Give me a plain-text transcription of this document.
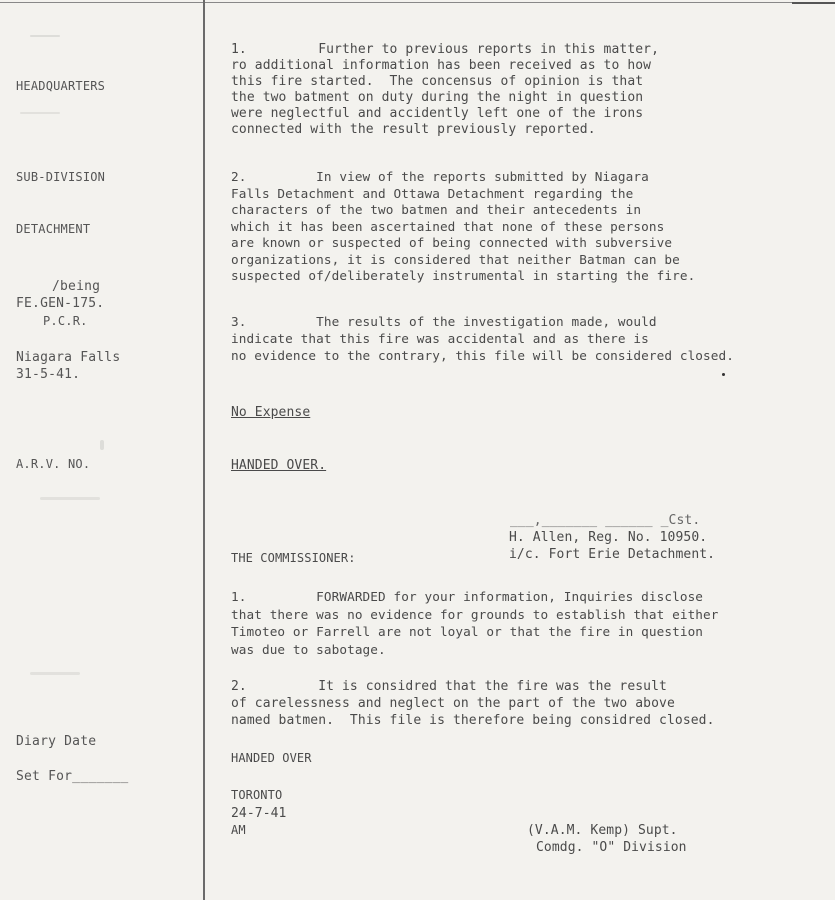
HEADQUARTERS
SUB-DIVISION
DETACHMENT
/being
FE.GEN-175.
P.C.R.
Niagara Falls
31-5-41.
A.R.V. NO.
Diary Date
Set For_______

1.         Further to previous reports in this matter,

ro additional information has been received as to how

this fire started.  The concensus of opinion is that

the two batment on duty during the night in question

were neglectful and accidently left one of the irons

connected with the result previously reported.

2.         In view of the reports submitted by Niagara

Falls Detachment and Ottawa Detachment regarding the

characters of the two batmen and their antecedents in

which it has been ascertained that none of these persons

are known or suspected of being connected with subversive

organizations, it is considered that neither Batman can be

suspected of/deliberately instrumental in starting the fire.

3.         The results of the investigation made, would

indicate that this fire was accidental and as there is

no evidence to the contrary, this file will be considered closed.

No Expense
HANDED OVER.
___,_______ ______ _Cst.
H. Allen, Reg. No. 10950.
i/c. Fort Erie Detachment.
THE COMMISSIONER:

1.         FORWARDED for your information, Inquiries disclose

that there was no evidence for grounds to establish that either

Timoteo or Farrell are not loyal or that the fire in question

was due to sabotage.

2.         It is considred that the fire was the result

of carelessness and neglect on the part of the two above

named batmen.  This file is therefore being considred closed.

HANDED OVER
TORONTO
24-7-41
AM	(V.A.M. Kemp) Supt.
Comdg. "O" Division
